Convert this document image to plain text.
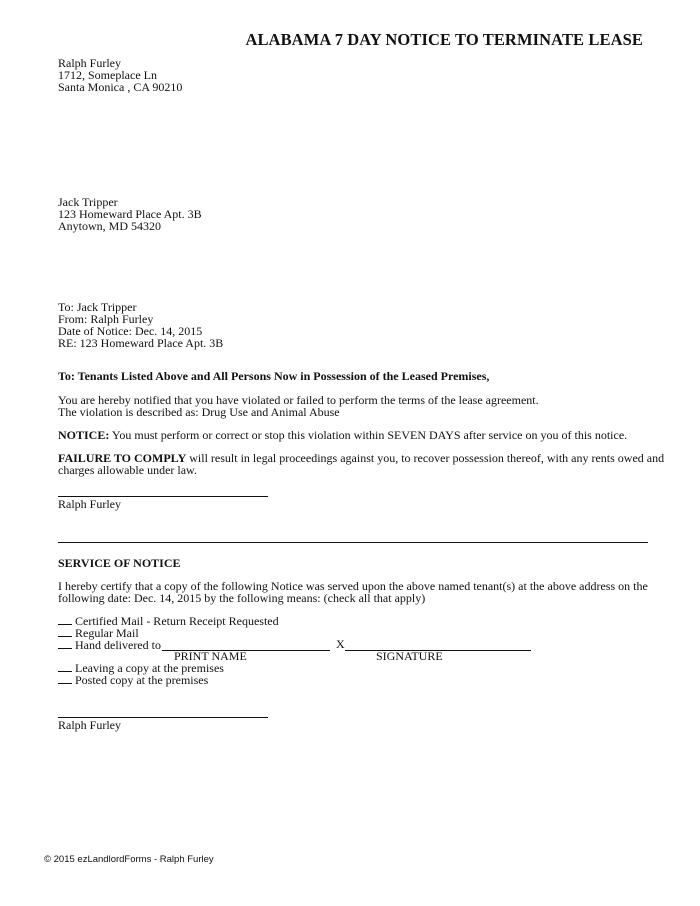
ALABAMA 7 DAY NOTICE TO TERMINATE LEASE
Ralph Furley
1712, Someplace Ln
Santa Monica , CA 90210
Jack Tripper
123 Homeward Place Apt. 3B
Anytown, MD 54320
To: Jack Tripper
From: Ralph Furley
Date of Notice: Dec. 14, 2015
RE: 123 Homeward Place Apt. 3B
To: Tenants Listed Above and All Persons Now in Possession of the Leased Premises,
You are hereby notified that you have violated or failed to perform the terms of the lease agreement.
The violation is described as: Drug Use and Animal Abuse
NOTICE: You must perform or correct or stop this violation within SEVEN DAYS after service on you of this notice.
FAILURE TO COMPLY will result in legal proceedings against you, to recover possession thereof, with any rents owed and
charges allowable under law.
Ralph Furley
SERVICE OF NOTICE
I hereby certify that a copy of the following Notice was served upon the above named tenant(s) at the above address on the
following date: Dec. 14, 2015 by the following means: (check all that apply)
Certified Mail - Return Receipt Requested
Regular Mail
Hand delivered to	X
PRINT NAME	SIGNATURE
Leaving a copy at the premises
Posted copy at the premises
Ralph Furley
© 2015 ezLandlordForms - Ralph Furley
